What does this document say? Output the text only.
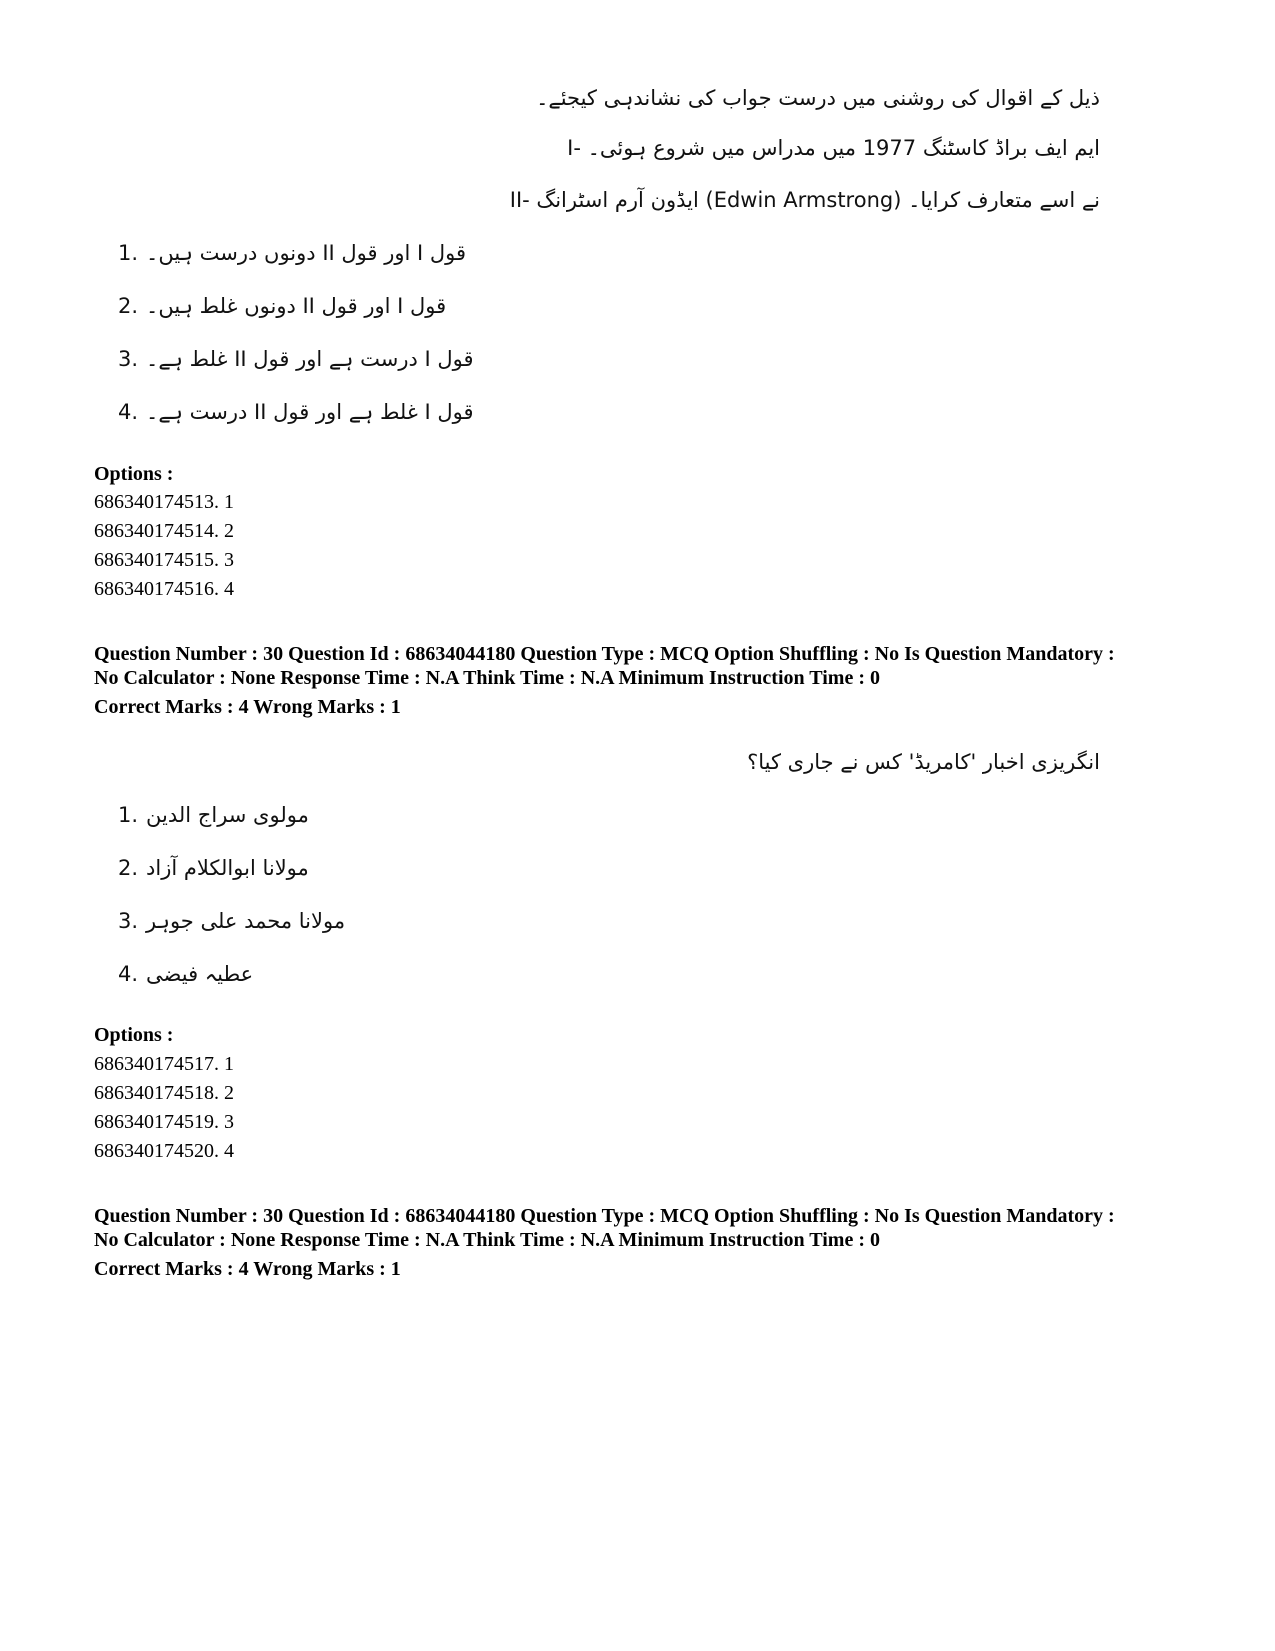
ذیل کے اقوال کی روشنی میں درست جواب کی نشاندہی کیجئے۔
I- ایم ایف براڈ کاسٹنگ 1977 میں مدراس میں شروع ہوئی۔
II- ایڈون آرم اسٹرانگ (Edwin Armstrong) نے اسے متعارف کرایا۔
1. قول I اور قول II دونوں درست ہیں۔
2. قول I اور قول II دونوں غلط ہیں۔
3. قول I درست ہے اور قول II غلط ہے۔
4. قول I غلط ہے اور قول II درست ہے۔
Options :
686340174513. 1
686340174514. 2
686340174515. 3
686340174516. 4
Question Number : 30 Question Id : 68634044180 Question Type : MCQ Option Shuffling : No Is Question Mandatory :
No Calculator : None Response Time : N.A Think Time : N.A Minimum Instruction Time : 0
Correct Marks : 4 Wrong Marks : 1
انگریزی اخبار 'کامریڈ' کس نے جاری کیا؟
1. مولوی سراج الدین
2. مولانا ابوالکلام آزاد
3. مولانا محمد علی جوہر
4. عطیہ فیضی
Options :
686340174517. 1
686340174518. 2
686340174519. 3
686340174520. 4
Question Number : 30 Question Id : 68634044180 Question Type : MCQ Option Shuffling : No Is Question Mandatory :
No Calculator : None Response Time : N.A Think Time : N.A Minimum Instruction Time : 0
Correct Marks : 4 Wrong Marks : 1
